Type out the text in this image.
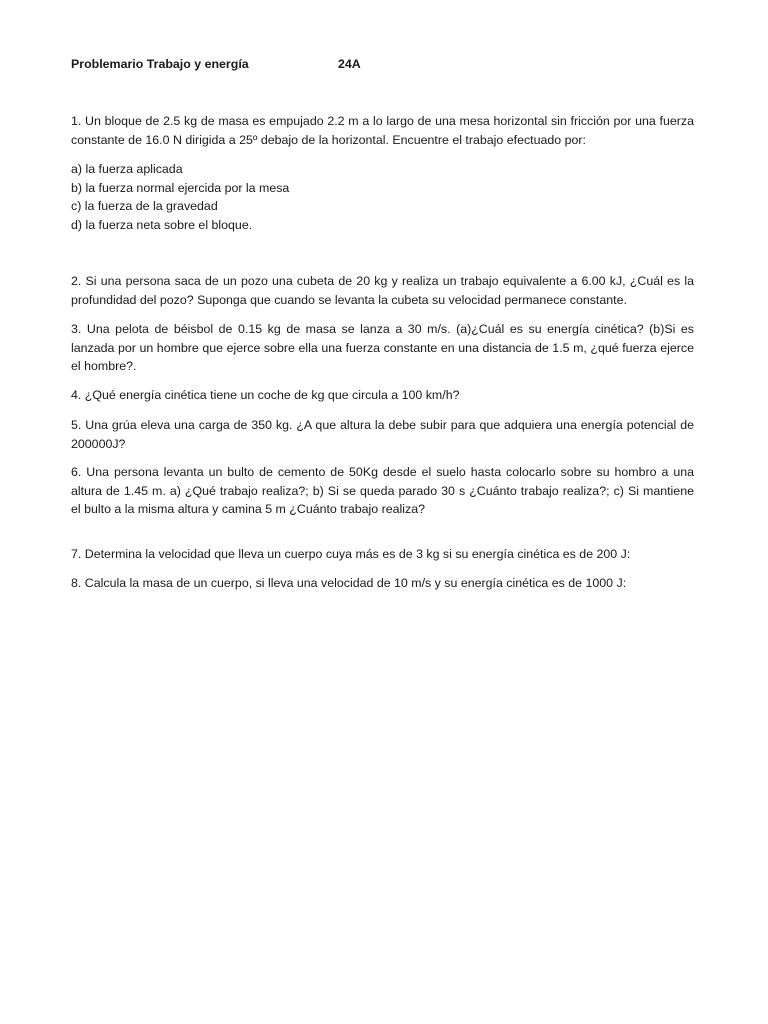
Problemario Trabajo y energía	24A

1. Un bloque de 2.5 kg de masa es empujado 2.2 m a lo largo de una mesa horizontal sin fricción por una fuerza constante de 16.0 N dirigida a 25º debajo de la horizontal. Encuentre el trabajo efectuado por:

a) la fuerza aplicada
b) la fuerza normal ejercida por la mesa
c) la fuerza de la gravedad
d) la fuerza neta sobre el bloque.

2. Si una persona saca de un pozo una cubeta de 20 kg y realiza un trabajo equivalente a 6.00 kJ, ¿Cuál es la profundidad del pozo? Suponga que cuando se levanta la cubeta su velocidad permanece constante.

3. Una pelota de béisbol de 0.15 kg de masa se lanza a 30 m/s. (a)¿Cuál es su energía cinética? (b)Si es lanzada por un hombre que ejerce sobre ella una fuerza constante en una distancia de 1.5 m, ¿qué fuerza ejerce el hombre?.

4. ¿Qué energía cinética tiene un coche de kg que circula a 100 km/h?

5. Una grúa eleva una carga de 350 kg. ¿A que altura la debe subir para que adquiera una energía potencial de 200000J?

6. Una persona levanta un bulto de cemento de 50Kg desde el suelo hasta colocarlo sobre su hombro a una altura de 1.45 m. a) ¿Qué trabajo realiza?; b) Si se queda parado 30 s ¿Cuánto trabajo realiza?; c) Si mantiene el bulto a la misma altura y camina 5 m ¿Cuánto trabajo realiza?

7. Determina la velocidad que lleva un cuerpo cuya más es de 3 kg si su energía cinética es de 200 J:

8. Calcula la masa de un cuerpo, si lleva una velocidad de 10 m/s y su energía cinética es de 1000 J:
